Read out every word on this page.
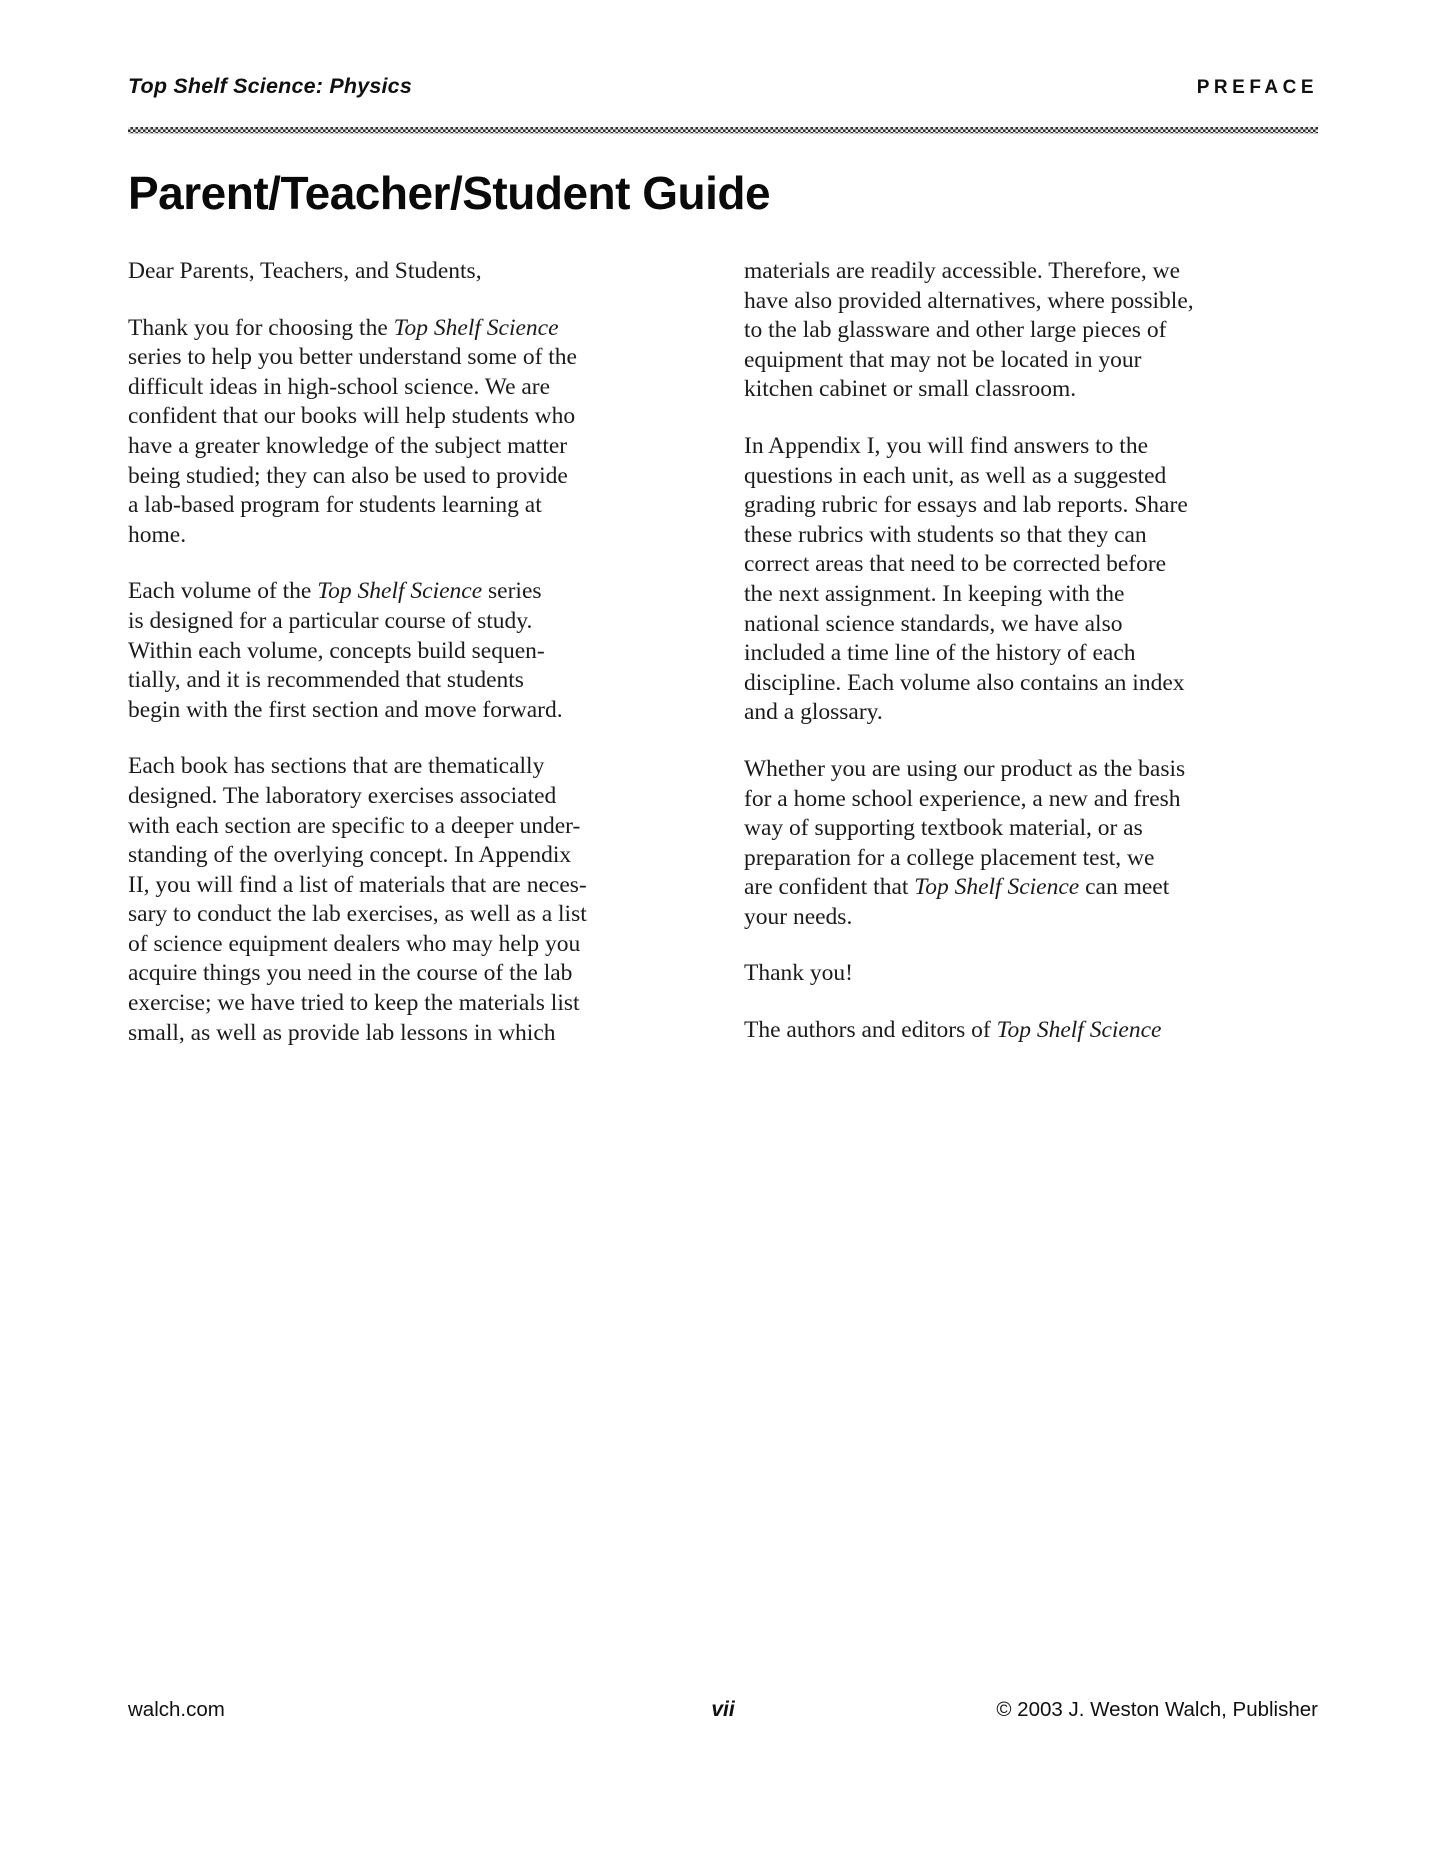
Top Shelf Science: Physics	PREFACE
Parent/Teacher/Student Guide

Dear Parents, Teachers, and Students,

Thank you for choosing the Top Shelf Science
series to help you better understand some of the
difficult ideas in high-school science. We are
confident that our books will help students who
have a greater knowledge of the subject matter
being studied; they can also be used to provide
a lab-based program for students learning at
home.

Each volume of the Top Shelf Science series
is designed for a particular course of study.
Within each volume, concepts build sequen-
tially, and it is recommended that students
begin with the first section and move forward.

Each book has sections that are thematically
designed. The laboratory exercises associated
with each section are specific to a deeper under-
standing of the overlying concept. In Appendix
II, you will find a list of materials that are neces-
sary to conduct the lab exercises, as well as a list
of science equipment dealers who may help you
acquire things you need in the course of the lab
exercise; we have tried to keep the materials list
small, as well as provide lab lessons in which

materials are readily accessible. Therefore, we
have also provided alternatives, where possible,
to the lab glassware and other large pieces of
equipment that may not be located in your
kitchen cabinet or small classroom.

In Appendix I, you will find answers to the
questions in each unit, as well as a suggested
grading rubric for essays and lab reports. Share
these rubrics with students so that they can
correct areas that need to be corrected before
the next assignment. In keeping with the
national science standards, we have also
included a time line of the history of each
discipline. Each volume also contains an index
and a glossary.

Whether you are using our product as the basis
for a home school experience, a new and fresh
way of supporting textbook material, or as
preparation for a college placement test, we
are confident that Top Shelf Science can meet
your needs.

Thank you!

The authors and editors of Top Shelf Science

walch.com	vii	© 2003 J. Weston Walch, Publisher
